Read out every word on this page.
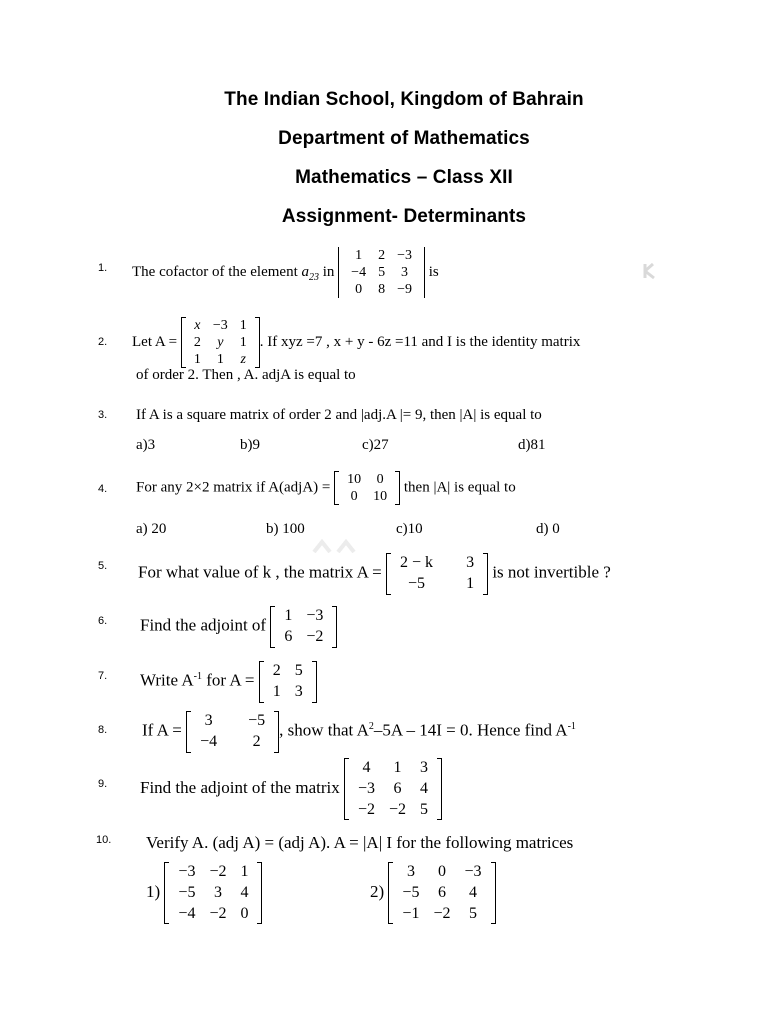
The Indian School, Kingdom of Bahrain
Department of Mathematics
Mathematics – Class XII
Assignment- Determinants
1. The cofactor of the element $a_{23}$ in
1	2	−3
−4	5	3
0	8	−9
is
2. Let A =
x	−3	1
2	y	1
1	1	z
. If xyz =7 , x + y - 6z =11 and I is the identity matrix
of order 2. Then , A. adjA is equal to
3. If A is a square matrix of order 2 and |adj.A |= 9, then |A| is equal to
a)3	b)9	c)27	d)81
4. For any 2×2 matrix if A(adjA) =
10	0
0	10
then |A| is equal to
a) 20	b) 100	c)10	d) 0
5. For what value of k , the matrix A =
2 − k	3
−5	1
is not invertible ?
6. Find the adjoint of
1	−3
6	−2
7. Write $A^{-1}$ for A =
2	5
1	3
8. If A =
3	−5
−4	2
, show that $A^2-5A - 14I = 0$. Hence find $A^{-1}$
9. Find the adjoint of the matrix
4	1	3
−3	6	4
−2	−2	5
10. Verify A. (adj A) = (adj A). A = |A| I for the following matrices
1)
−3	−2	1
−5	3	4
−4	−2	0
2)
3	0	−3
−5	6	4
−1	−2	5
